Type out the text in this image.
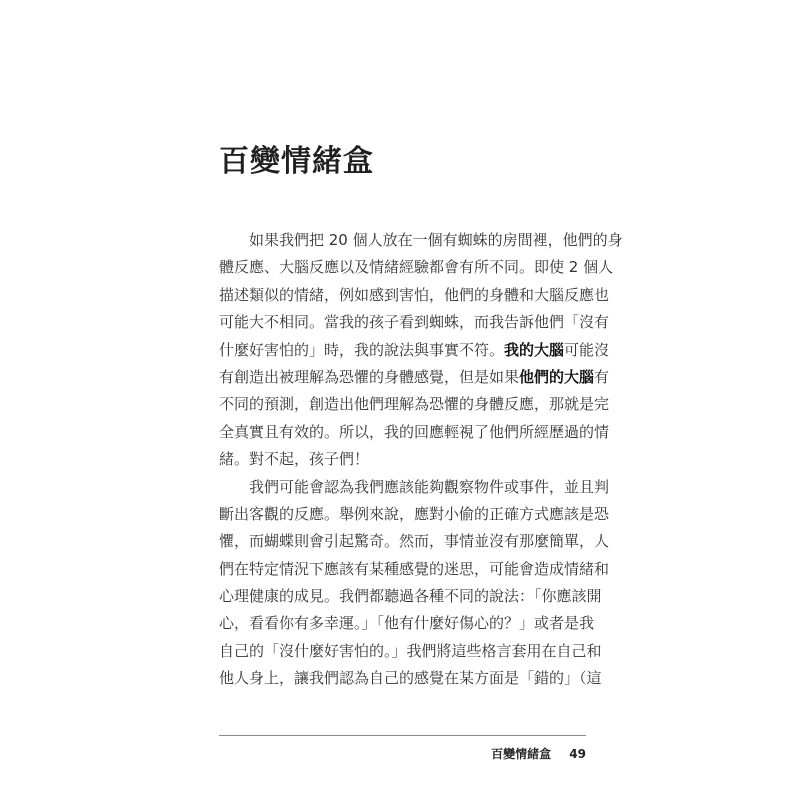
百變情緒盒
　　如果我們把 20 個人放在一個有蜘蛛的房間裡，他們的身
體反應、大腦反應以及情緒經驗都會有所不同。即使 2 個人
描述類似的情緒，例如感到害怕，他們的身體和大腦反應也
可能大不相同。當我的孩子看到蜘蛛，而我告訴他們「沒有
什麼好害怕的」時，我的說法與事實不符。我的大腦可能沒
有創造出被理解為恐懼的身體感覺，但是如果他們的大腦有
不同的預測，創造出他們理解為恐懼的身體反應，那就是完
全真實且有效的。所以，我的回應輕視了他們所經歷過的情
緒。對不起，孩子們！
　　我們可能會認為我們應該能夠觀察物件或事件，並且判
斷出客觀的反應。舉例來說，應對小偷的正確方式應該是恐
懼，而蝴蝶則會引起驚奇。然而，事情並沒有那麼簡單，人
們在特定情況下應該有某種感覺的迷思，可能會造成情緒和
心理健康的成見。我們都聽過各種不同的說法：「你應該開
心，看看你有多幸運。」「他有什麼好傷心的？」或者是我
自己的「沒什麼好害怕的。」我們將這些格言套用在自己和
他人身上，讓我們認為自己的感覺在某方面是「錯的」（這
百變情緒盒 49
